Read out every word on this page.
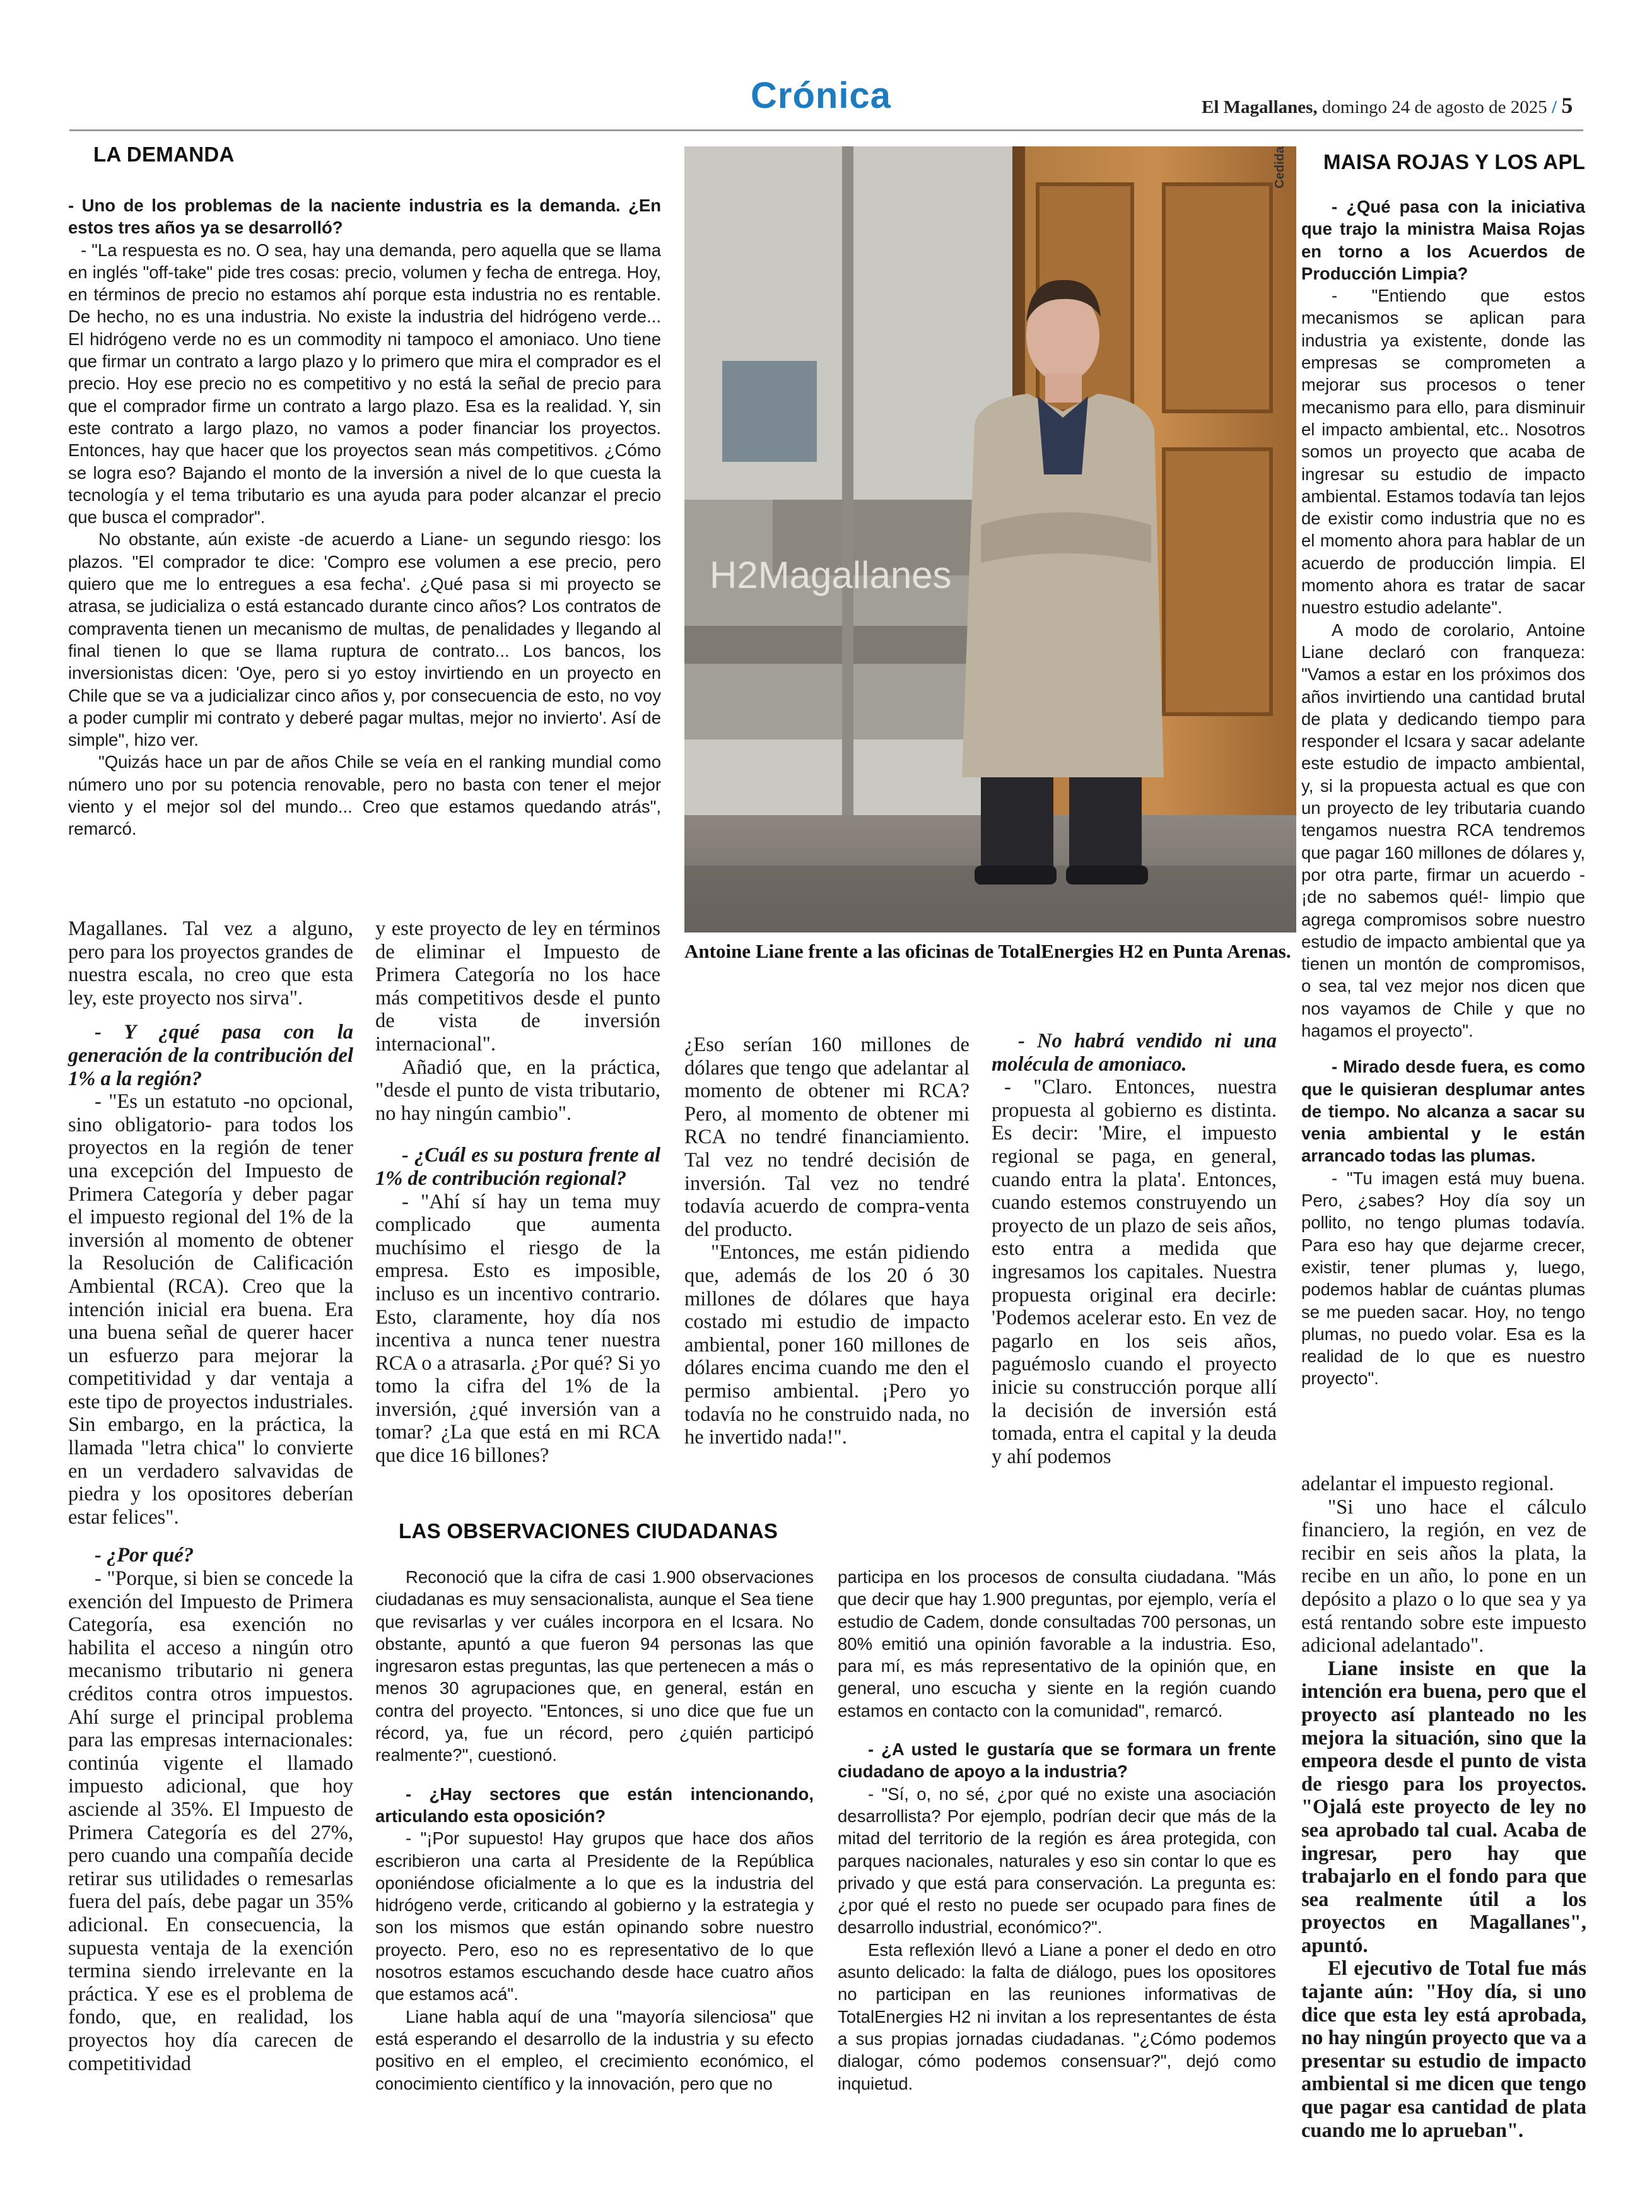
Crónica	El Magallanes, domingo 24 de agosto de 2025 / 5
LA DEMANDA

- Uno de los problemas de la naciente industria es la demanda. ¿En estos tres años ya se desarrolló?

- "La respuesta es no. O sea, hay una demanda, pero aquella que se llama en inglés "off-take" pide tres cosas: precio, volumen y fecha de entrega. Hoy, en términos de precio no estamos ahí porque esta industria no es rentable. De hecho, no es una industria. No existe la industria del hidrógeno verde... El hidrógeno verde no es un commodity ni tampoco el amoniaco. Uno tiene que firmar un contrato a largo plazo y lo primero que mira el comprador es el precio. Hoy ese precio no es competitivo y no está la señal de precio para que el comprador firme un contrato a largo plazo. Esa es la realidad. Y, sin este contrato a largo plazo, no vamos a poder financiar los proyectos. Entonces, hay que hacer que los proyectos sean más competitivos. ¿Cómo se logra eso? Bajando el monto de la inversión a nivel de lo que cuesta la tecnología y el tema tributario es una ayuda para poder alcanzar el precio que busca el comprador".

No obstante, aún existe -de acuerdo a Liane- un segundo riesgo: los plazos. "El comprador te dice: 'Compro ese volumen a ese precio, pero quiero que me lo entregues a esa fecha'. ¿Qué pasa si mi proyecto se atrasa, se judicializa o está estancado durante cinco años? Los contratos de compraventa tienen un mecanismo de multas, de penalidades y llegando al final tienen lo que se llama ruptura de contrato... Los bancos, los inversionistas dicen: 'Oye, pero si yo estoy invirtiendo en un proyecto en Chile que se va a judicializar cinco años y, por consecuencia de esto, no voy a poder cumplir mi contrato y deberé pagar multas, mejor no invierto'. Así de simple", hizo ver.

"Quizás hace un par de años Chile se veía en el ranking mundial como número uno por su potencia renovable, pero no basta con tener el mejor viento y el mejor sol del mundo... Creo que estamos quedando atrás", remarcó.

H2Magallanes
Cedida
Antoine Liane frente a las oficinas de TotalEnergies H2 en Punta Arenas.
MAISA ROJAS Y LOS APL

- ¿Qué pasa con la iniciativa que trajo la ministra Maisa Rojas en torno a los Acuerdos de Producción Limpia?

- "Entiendo que estos mecanismos se aplican para industria ya existente, donde las empresas se comprometen a mejorar sus procesos o tener mecanismo para ello, para disminuir el impacto ambiental, etc.. Nosotros somos un proyecto que acaba de ingresar su estudio de impacto ambiental. Estamos todavía tan lejos de existir como industria que no es el momento ahora para hablar de un acuerdo de producción limpia. El momento ahora es tratar de sacar nuestro estudio adelante".

A modo de corolario, Antoine Liane declaró con franqueza: "Vamos a estar en los próximos dos años invirtiendo una cantidad brutal de plata y dedicando tiempo para responder el Icsara y sacar adelante este estudio de impacto ambiental, y, si la propuesta actual es que con un proyecto de ley tributaria cuando tengamos nuestra RCA tendremos que pagar 160 millones de dólares y, por otra parte, firmar un acuerdo -¡de no sabemos qué!- limpio que agrega compromisos sobre nuestro estudio de impacto ambiental que ya tienen un montón de compromisos, o sea, tal vez mejor nos dicen que nos vayamos de Chile y que no hagamos el proyecto".

- Mirado desde fuera, es como que le quisieran desplumar antes de tiempo. No alcanza a sacar su venia ambiental y le están arrancado todas las plumas.

- "Tu imagen está muy buena. Pero, ¿sabes? Hoy día soy un pollito, no tengo plumas todavía. Para eso hay que dejarme crecer, existir, tener plumas y, luego, podemos hablar de cuántas plumas se me pueden sacar. Hoy, no tengo plumas, no puedo volar. Esa es la realidad de lo que es nuestro proyecto".

Magallanes. Tal vez a alguno, pero para los proyectos grandes de nuestra escala, no creo que esta ley, este proyecto nos sirva".

- Y ¿qué pasa con la generación de la contribución del 1% a la región?

- "Es un estatuto -no opcional, sino obligatorio- para todos los proyectos en la región de tener una excepción del Impuesto de Primera Categoría y deber pagar el impuesto regional del 1% de la inversión al momento de obtener la Resolución de Calificación Ambiental (RCA). Creo que la intención inicial era buena. Era una buena señal de querer hacer un esfuerzo para mejorar la competitividad y dar ventaja a este tipo de proyectos industriales. Sin embargo, en la práctica, la llamada "letra chica" lo convierte en un verdadero salvavidas de piedra y los opositores deberían estar felices".

- ¿Por qué?

- "Porque, si bien se concede la exención del Impuesto de Primera Categoría, esa exención no habilita el acceso a ningún otro mecanismo tributario ni genera créditos contra otros impuestos. Ahí surge el principal problema para las empresas internacionales: continúa vigente el llamado impuesto adicional, que hoy asciende al 35%. El Impuesto de Primera Categoría es del 27%, pero cuando una compañía decide retirar sus utilidades o remesarlas fuera del país, debe pagar un 35% adicional. En consecuencia, la supuesta ventaja de la exención termina siendo irrelevante en la práctica. Y ese es el problema de fondo, que, en realidad, los proyectos hoy día carecen de competitividad

y este proyecto de ley en términos de eliminar el Impuesto de Primera Categoría no los hace más competitivos desde el punto de vista de inversión internacional".

Añadió que, en la práctica, "desde el punto de vista tributario, no hay ningún cambio".

- ¿Cuál es su postura frente al 1% de contribución regional?

- "Ahí sí hay un tema muy complicado que aumenta muchísimo el riesgo de la empresa. Esto es imposible, incluso es un incentivo contrario. Esto, claramente, hoy día nos incentiva a nunca tener nuestra RCA o a atrasarla. ¿Por qué? Si yo tomo la cifra del 1% de la inversión, ¿qué inversión van a tomar? ¿La que está en mi RCA que dice 16 billones?

¿Eso serían 160 millones de dólares que tengo que adelantar al momento de obtener mi RCA? Pero, al momento de obtener mi RCA no tendré financiamiento. Tal vez no tendré decisión de inversión. Tal vez no tendré todavía acuerdo de compra-venta del producto.

"Entonces, me están pidiendo que, además de los 20 ó 30 millones de dólares que haya costado mi estudio de impacto ambiental, poner 160 millones de dólares encima cuando me den el permiso ambiental. ¡Pero yo todavía no he construido nada, no he invertido nada!".

- No habrá vendido ni una molécula de amoniaco.

- "Claro. Entonces, nuestra propuesta al gobierno es distinta. Es decir: 'Mire, el impuesto regional se paga, en general, cuando entra la plata'. Entonces, cuando estemos construyendo un proyecto de un plazo de seis años, esto entra a medida que ingresamos los capitales. Nuestra propuesta original era decirle: 'Podemos acelerar esto. En vez de pagarlo en los seis años, paguémoslo cuando el proyecto inicie su construcción porque allí la decisión de inversión está tomada, entra el capital y la deuda y ahí podemos

adelantar el impuesto regional.

"Si uno hace el cálculo financiero, la región, en vez de recibir en seis años la plata, la recibe en un año, lo pone en un depósito a plazo o lo que sea y ya está rentando sobre este impuesto adicional adelantado".

Liane insiste en que la intención era buena, pero que el proyecto así planteado no les mejora la situación, sino que la empeora desde el punto de vista de riesgo para los proyectos. "Ojalá este proyecto de ley no sea aprobado tal cual. Acaba de ingresar, pero hay que trabajarlo en el fondo para que sea realmente útil a los proyectos en Magallanes", apuntó.

El ejecutivo de Total fue más tajante aún: "Hoy día, si uno dice que esta ley está aprobada, no hay ningún proyecto que va a presentar su estudio de impacto ambiental si me dicen que tengo que pagar esa cantidad de plata cuando me lo aprueban".

LAS OBSERVACIONES CIUDADANAS

Reconoció que la cifra de casi 1.900 observaciones ciudadanas es muy sensacionalista, aunque el Sea tiene que revisarlas y ver cuáles incorpora en el Icsara. No obstante, apuntó a que fueron 94 personas las que ingresaron estas preguntas, las que pertenecen a más o menos 30 agrupaciones que, en general, están en contra del proyecto. "Entonces, si uno dice que fue un récord, ya, fue un récord, pero ¿quién participó realmente?", cuestionó.

- ¿Hay sectores que están intencionando, articulando esta oposición?

- "¡Por supuesto! Hay grupos que hace dos años escribieron una carta al Presidente de la República oponiéndose oficialmente a lo que es la industria del hidrógeno verde, criticando al gobierno y la estrategia y son los mismos que están opinando sobre nuestro proyecto. Pero, eso no es representativo de lo que nosotros estamos escuchando desde hace cuatro años que estamos acá".

Liane habla aquí de una "mayoría silenciosa" que está esperando el desarrollo de la industria y su efecto positivo en el empleo, el crecimiento económico, el conocimiento científico y la innovación, pero que no

participa en los procesos de consulta ciudadana. "Más que decir que hay 1.900 preguntas, por ejemplo, vería el estudio de Cadem, donde consultadas 700 personas, un 80% emitió una opinión favorable a la industria. Eso, para mí, es más representativo de la opinión que, en general, uno escucha y siente en la región cuando estamos en contacto con la comunidad", remarcó.

- ¿A usted le gustaría que se formara un frente ciudadano de apoyo a la industria?

- "Sí, o, no sé, ¿por qué no existe una asociación desarrollista? Por ejemplo, podrían decir que más de la mitad del territorio de la región es área protegida, con parques nacionales, naturales y eso sin contar lo que es privado y que está para conservación. La pregunta es: ¿por qué el resto no puede ser ocupado para fines de desarrollo industrial, económico?".

Esta reflexión llevó a Liane a poner el dedo en otro asunto delicado: la falta de diálogo, pues los opositores no participan en las reuniones informativas de TotalEnergies H2 ni invitan a los representantes de ésta a sus propias jornadas ciudadanas. "¿Cómo podemos dialogar, cómo podemos consensuar?", dejó como inquietud.
